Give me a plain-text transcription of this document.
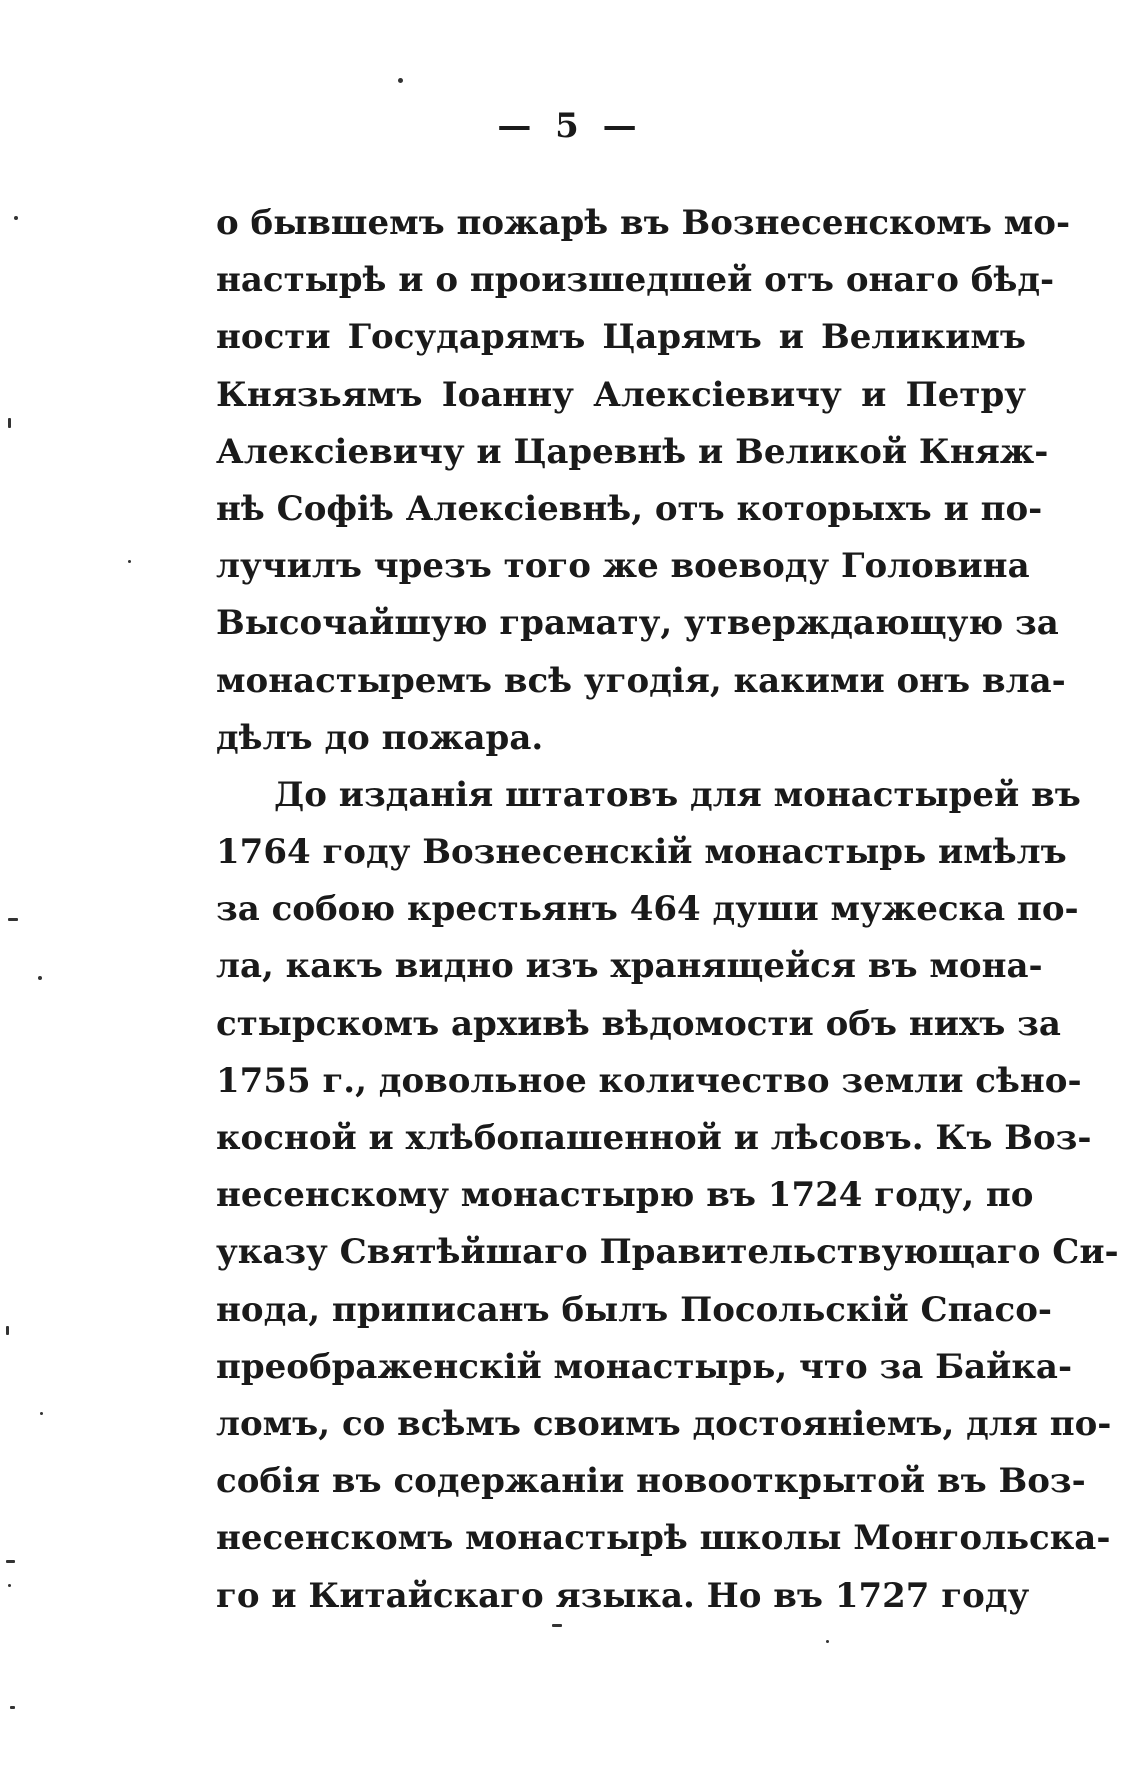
— 5 —
о бывшемъ пожарѣ въ Вознесенскомъ мо-
настырѣ и о произшедшей отъ онаго бѣд-
ности Государямъ Царямъ и Великимъ
Князьямъ Іоанну Алексіевичу и Петру
Алексіевичу и Царевнѣ и Великой Княж-
нѣ Софіѣ Алексіевнѣ, отъ которыхъ и по-
лучилъ чрезъ того же воеводу Головина
Высочайшую грамату, утверждающую за
монастыремъ всѣ угодія, какими онъ вла-
дѣлъ до пожара.
До изданія штатовъ для монастырей въ
1764 году Вознесенскій монастырь имѣлъ
за собою крестьянъ 464 души мужеска по-
ла, какъ видно изъ хранящейся въ мона-
стырскомъ архивѣ вѣдомости объ нихъ за
1755 г., довольное количество земли сѣно-
косной и хлѣбопашенной и лѣсовъ. Къ Воз-
несенскому монастырю въ 1724 году, по
указу Святѣйшаго Правительствующаго Си-
нода, приписанъ былъ Посольскій Спасо-
преображенскій монастырь, что за Байка-
ломъ, со всѣмъ своимъ достояніемъ, для по-
собія въ содержаніи новооткрытой въ Воз-
несенскомъ монастырѣ школы Монгольска-
го и Китайскаго языка. Но въ 1727 году
